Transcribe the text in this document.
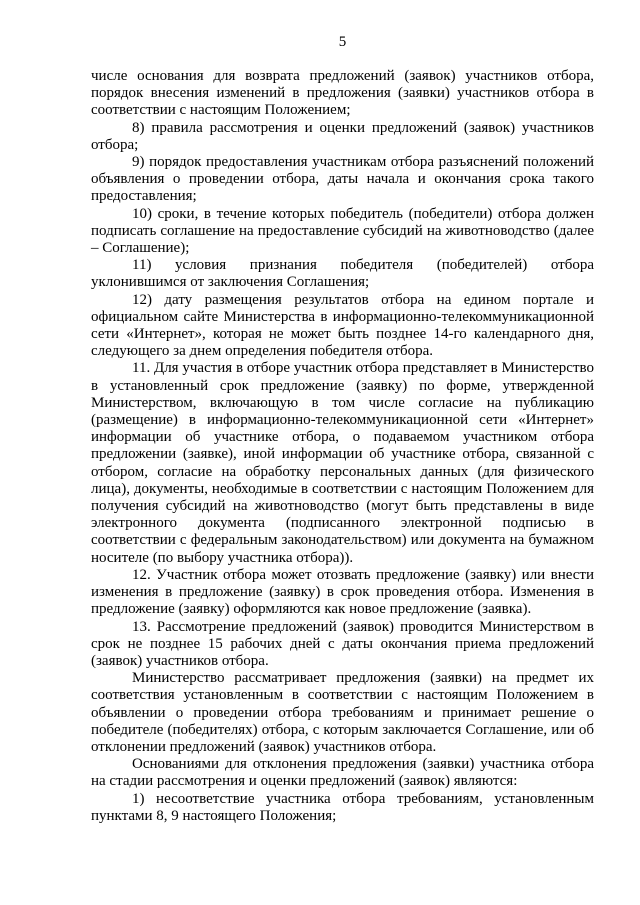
5

числе основания для возврата предложений (заявок) участников отбора, порядок внесения изменений в предложения (заявки) участников отбора в соответствии с настоящим Положением;

8) правила рассмотрения и оценки предложений (заявок) участников отбора;

9) порядок предоставления участникам отбора разъяснений положений объявления о проведении отбора, даты начала и окончания срока такого предоставления;

10) сроки, в течение которых победитель (победители) отбора должен подписать соглашение на предоставление субсидий на животноводство (далее – Соглашение);

11) условия признания победителя (победителей) отбора уклонившимся от заключения Соглашения;

12) дату размещения результатов отбора на едином портале и официальном сайте Министерства в информационно-телекоммуникационной сети «Интернет», которая не может быть позднее 14-го календарного дня, следующего за днем определения победителя отбора.

11. Для участия в отборе участник отбора представляет в Министерство в установленный срок предложение (заявку) по форме, утвержденной Министерством, включающую в том числе согласие на публикацию (размещение) в информационно-телекоммуникационной сети «Интернет» информации об участнике отбора, о подаваемом участником отбора предложении (заявке), иной информации об участнике отбора, связанной с отбором, согласие на обработку персональных данных (для физического лица), документы, необходимые в соответствии с настоящим Положением для получения субсидий на животноводство (могут быть представлены в виде электронного документа (подписанного электронной подписью в соответствии с федеральным законодательством) или документа на бумажном носителе (по выбору участника отбора)).

12. Участник отбора может отозвать предложение (заявку) или внести изменения в предложение (заявку) в срок проведения отбора. Изменения в предложение (заявку) оформляются как новое предложение (заявка).

13. Рассмотрение предложений (заявок) проводится Министерством в срок не позднее 15 рабочих дней с даты окончания приема предложений (заявок) участников отбора.

Министерство рассматривает предложения (заявки) на предмет их соответствия установленным в соответствии с настоящим Положением в объявлении о проведении отбора требованиям и принимает решение о победителе (победителях) отбора, с которым заключается Соглашение, или об отклонении предложений (заявок) участников отбора.

Основаниями для отклонения предложения (заявки) участника отбора на стадии рассмотрения и оценки предложений (заявок) являются:

1) несоответствие участника отбора требованиям, установленным пунктами 8, 9 настоящего Положения;
